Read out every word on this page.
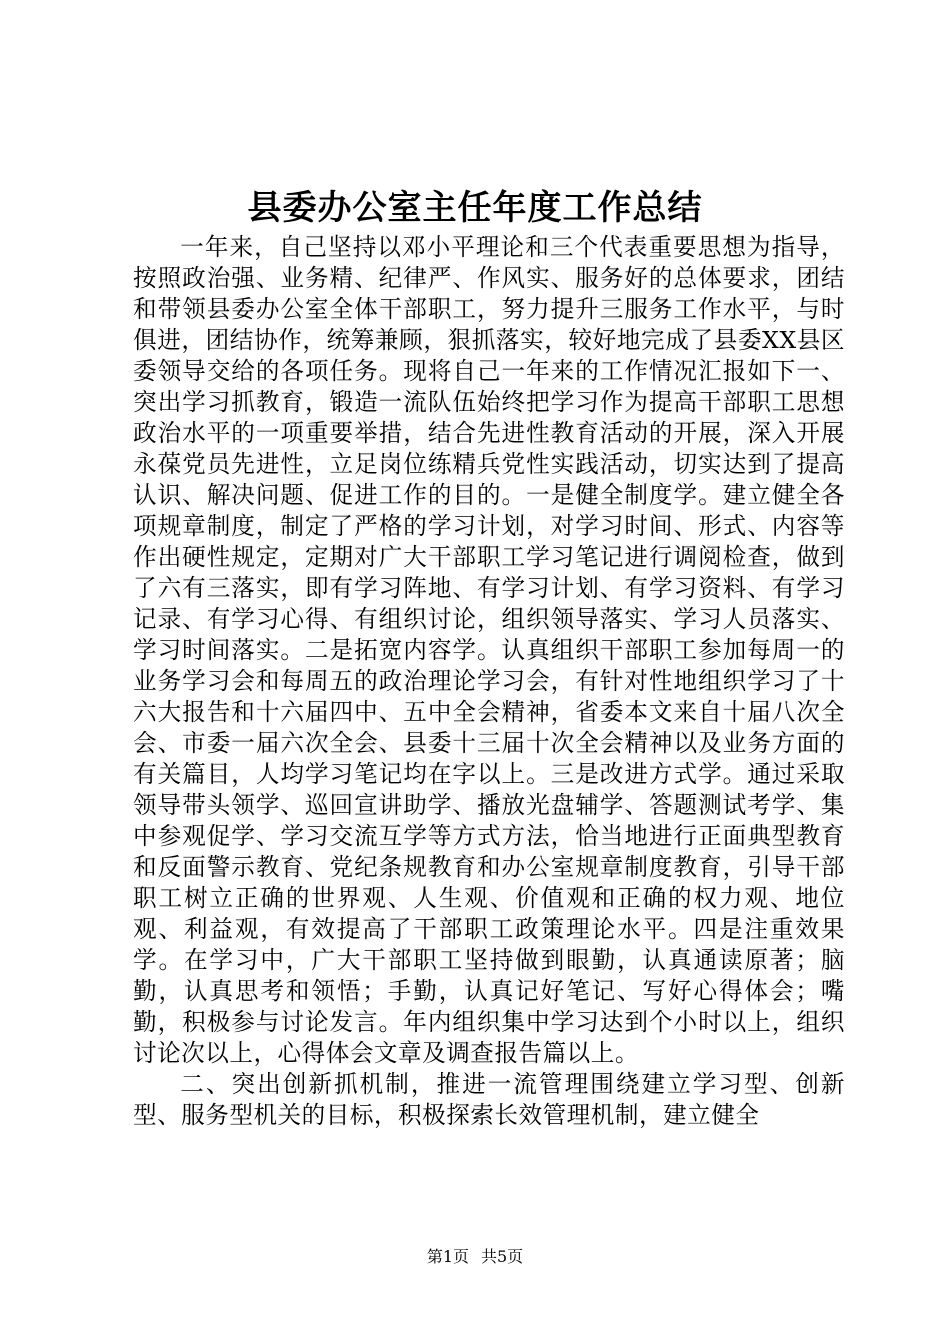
县委办公室主任年度工作总结

一年来，自己坚持以邓小平理论和三个代表重要思想为指导，按照政治强、业务精、纪律严、作风实、服务好的总体要求，团结和带领县委办公室全体干部职工，努力提升三服务工作水平，与时俱进，团结协作，统筹兼顾，狠抓落实，较好地完成了县委XX县区委领导交给的各项任务。现将自己一年来的工作情况汇报如下一、突出学习抓教育，锻造一流队伍始终把学习作为提高干部职工思想政治水平的一项重要举措，结合先进性教育活动的开展，深入开展永葆党员先进性，立足岗位练精兵党性实践活动，切实达到了提高认识、解决问题、促进工作的目的。一是健全制度学。建立健全各项规章制度，制定了严格的学习计划，对学习时间、形式、内容等作出硬性规定，定期对广大干部职工学习笔记进行调阅检查，做到了六有三落实，即有学习阵地、有学习计划、有学习资料、有学习记录、有学习心得、有组织讨论，组织领导落实、学习人员落实、学习时间落实。二是拓宽内容学。认真组织干部职工参加每周一的业务学习会和每周五的政治理论学习会，有针对性地组织学习了十六大报告和十六届四中、五中全会精神，省委本文来自十届八次全会、市委一届六次全会、县委十三届十次全会精神以及业务方面的有关篇目，人均学习笔记均在字以上。三是改进方式学。通过采取领导带头领学、巡回宣讲助学、播放光盘辅学、答题测试考学、集中参观促学、学习交流互学等方式方法，恰当地进行正面典型教育和反面警示教育、党纪条规教育和办公室规章制度教育，引导干部职工树立正确的世界观、人生观、价值观和正确的权力观、地位观、利益观，有效提高了干部职工政策理论水平。四是注重效果学。在学习中，广大干部职工坚持做到眼勤，认真通读原著；脑勤，认真思考和领悟；手勤，认真记好笔记、写好心得体会；嘴勤，积极参与讨论发言。年内组织集中学习达到个小时以上，组织讨论次以上，心得体会文章及调查报告篇以上。

二、突出创新抓机制，推进一流管理围绕建立学习型、创新型、服务型机关的目标，积极探索长效管理机制，建立健全

第1页 共5页
